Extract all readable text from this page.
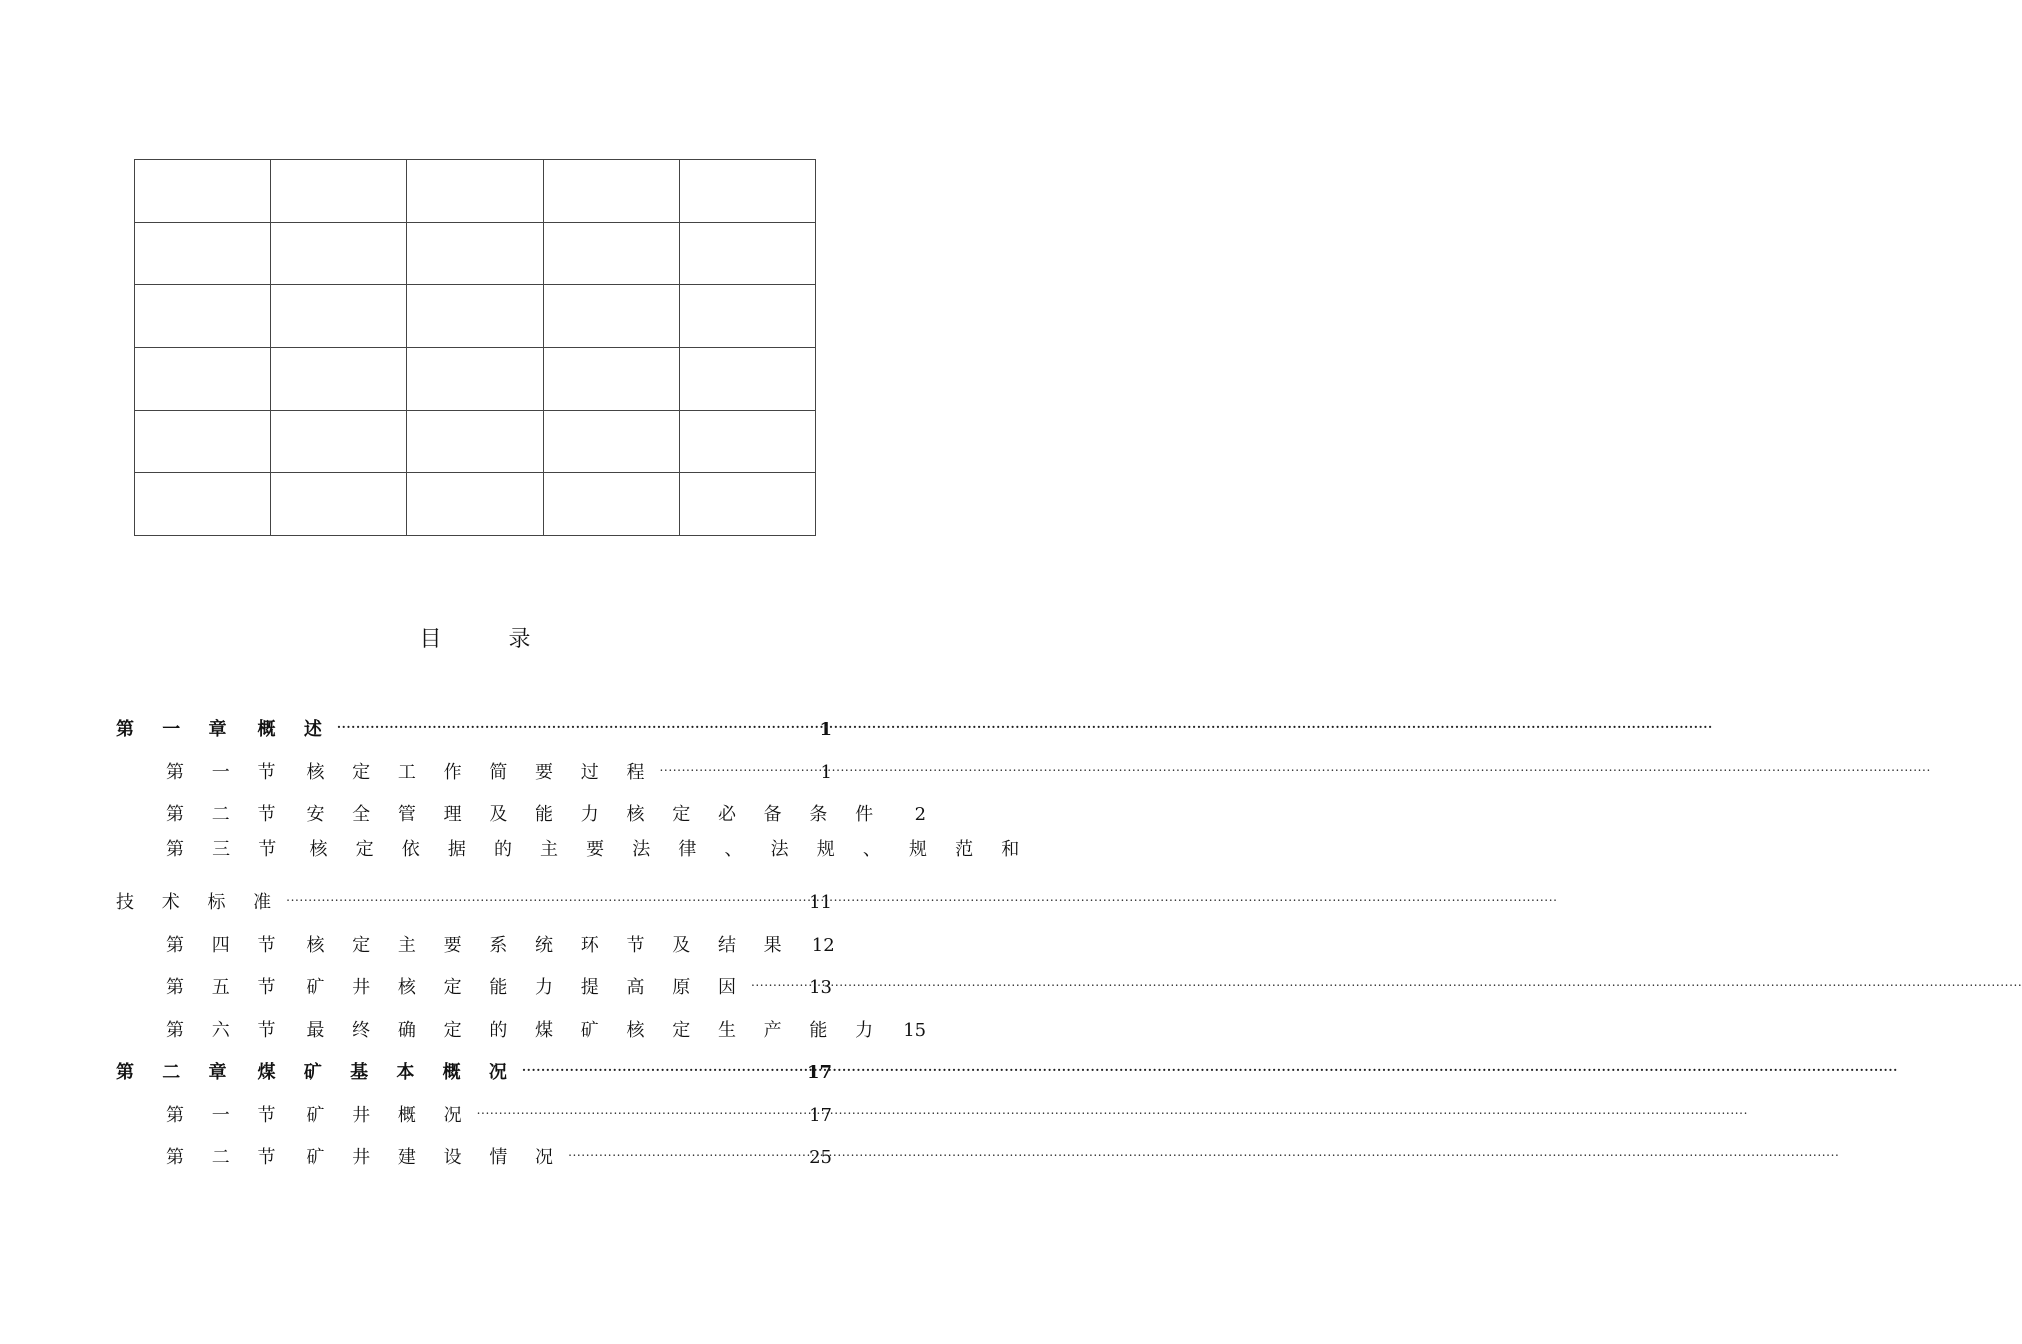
目 录
第 一 章 概 述 .....	1
第 一 节 核 定 工 作 简 要 过 程 .....	1
第 二 节 安 全 管 理 及 能 力 核 定 必 备 条 件	2
第 三 节 核 定 依 据 的 主 要 法 律 、 法 规 、 规 范 和
技 术 标 准 .....	11
第 四 节 核 定 主 要 系 统 环 节 及 结 果 12
第 五 节 矿 井 核 定 能 力 提 高 原 因 .....	13
第 六 节 最 终 确 定 的 煤 矿 核 定 生 产 能 力 15
第 二 章 煤 矿 基 本 概 况 .....	17
第 一 节 矿 井 概 况 .....	17
第 二 节 矿 井 建 设 情 况 .....	25
